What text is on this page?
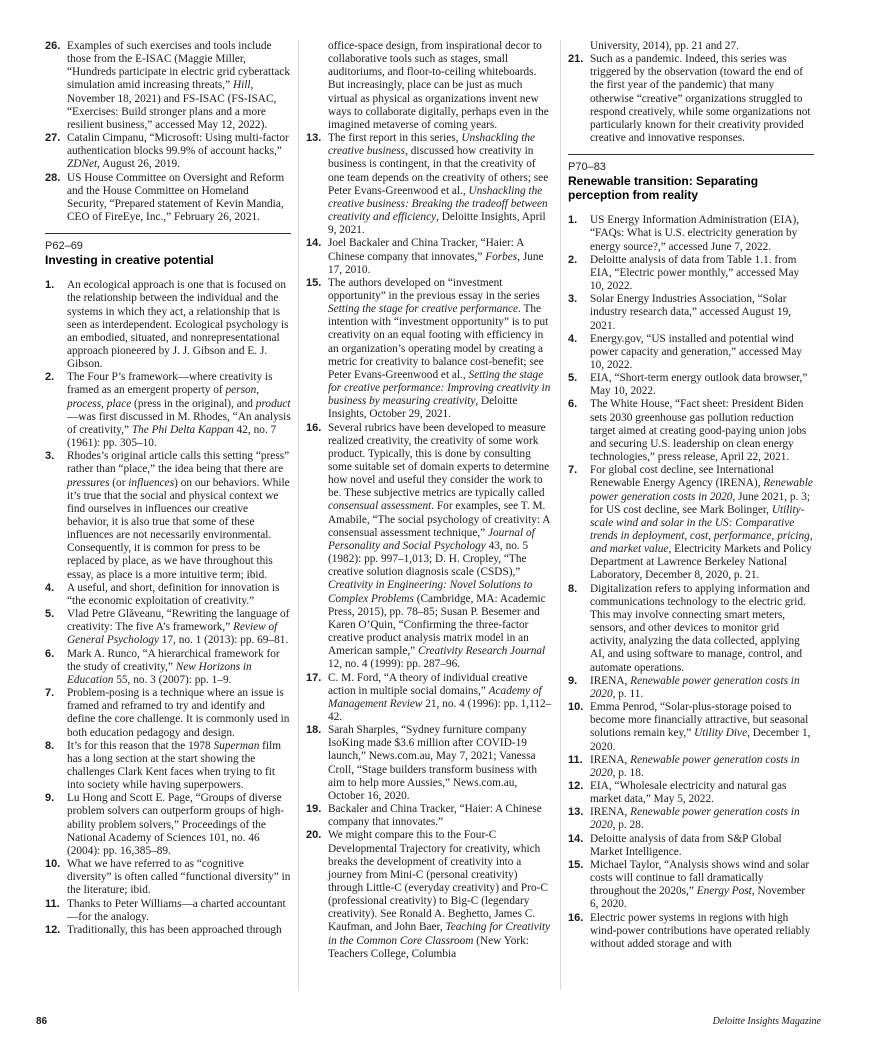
26. Examples of such exercises and tools include those from the E-ISAC (Maggie Miller, “Hundreds participate in electric grid cyberattack simulation amid increasing threats,” Hill, November 18, 2021) and FS-ISAC (FS-ISAC, “Exercises: Build stronger plans and a more resilient business,” accessed May 12, 2022).
27. Catalin Cimpanu, “Microsoft: Using multi-factor authentication blocks 99.9% of account hacks,” ZDNet, August 26, 2019.
28. US House Committee on Oversight and Reform and the House Committee on Homeland Security, “Prepared statement of Kevin Mandia, CEO of FireEye, Inc.,” February 26, 2021.
P62–69
Investing in creative potential
1. An ecological approach is one that is focused on the relationship between the individual and the systems in which they act, a relationship that is seen as interdependent. Ecological psychology is an embodied, situated, and nonrepresentational approach pioneered by J. J. Gibson and E. J. Gibson.
2. The Four P’s framework—where creativity is framed as an emergent property of person, process, place (press in the original), and product—was first discussed in M. Rhodes, “An analysis of creativity,” The Phi Delta Kappan 42, no. 7 (1961): pp. 305–10.
3. Rhodes’s original article calls this setting “press” rather than “place,” the idea being that there are pressures (or influences) on our behaviors. While it’s true that the social and physical context we find ourselves in influences our creative behavior, it is also true that some of these influences are not necessarily environmental. Consequently, it is common for press to be replaced by place, as we have throughout this essay, as place is a more intuitive term; ibid.
4. A useful, and short, definition for innovation is “the economic exploitation of creativity.”
5. Vlad Petre Glăveanu, “Rewriting the language of creativity: The five A’s framework,” Review of General Psychology 17, no. 1 (2013): pp. 69–81.
6. Mark A. Runco, “A hierarchical framework for the study of creativity,” New Horizons in Education 55, no. 3 (2007): pp. 1–9.
7. Problem-posing is a technique where an issue is framed and reframed to try and identify and define the core challenge. It is commonly used in both education pedagogy and design.
8. It’s for this reason that the 1978 Superman film has a long section at the start showing the challenges Clark Kent faces when trying to fit into society while having superpowers.
9. Lu Hong and Scott E. Page, “Groups of diverse problem solvers can outperform groups of high-ability problem solvers,” Proceedings of the National Academy of Sciences 101, no. 46 (2004): pp. 16,385–89.
10. What we have referred to as “cognitive diversity” is often called “functional diversity” in the literature; ibid.
11. Thanks to Peter Williams—a charted accountant—for the analogy.
12. Traditionally, this has been approached through
office-space design, from inspirational decor to collaborative tools such as stages, small auditoriums, and floor-to-ceiling whiteboards. But increasingly, place can be just as much virtual as physical as organizations invent new ways to collaborate digitally, perhaps even in the imagined metaverse of coming years.
13. The first report in this series, Unshackling the creative business, discussed how creativity in business is contingent, in that the creativity of one team depends on the creativity of others; see Peter Evans-Greenwood et al., Unshackling the creative business: Breaking the tradeoff between creativity and efficiency, Deloitte Insights, April 9, 2021.
14. Joel Backaler and China Tracker, “Haier: A Chinese company that innovates,” Forbes, June 17, 2010.
15. The authors developed on “investment opportunity” in the previous essay in the series Setting the stage for creative performance. The intention with “investment opportunity” is to put creativity on an equal footing with efficiency in an organization’s operating model by creating a metric for creativity to balance cost-benefit; see Peter Evans-Greenwood et al., Setting the stage for creative performance: Improving creativity in business by measuring creativity, Deloitte Insights, October 29, 2021.
16. Several rubrics have been developed to measure realized creativity, the creativity of some work product. Typically, this is done by consulting some suitable set of domain experts to determine how novel and useful they consider the work to be. These subjective metrics are typically called consensual assessment. For examples, see T. M. Amabile, “The social psychology of creativity: A consensual assessment technique,” Journal of Personality and Social Psychology 43, no. 5 (1982): pp. 997–1,013; D. H. Cropley, “The creative solution diagnosis scale (CSDS),” Creativity in Engineering: Novel Solutions to Complex Problems (Cambridge, MA: Academic Press, 2015), pp. 78–85; Susan P. Besemer and Karen O’Quin, “Confirming the three-factor creative product analysis matrix model in an American sample,” Creativity Research Journal 12, no. 4 (1999): pp. 287–96.
17. C. M. Ford, “A theory of individual creative action in multiple social domains,” Academy of Management Review 21, no. 4 (1996): pp. 1,112–42.
18. Sarah Sharples, “Sydney furniture company IsoKing made $3.6 million after COVID-19 launch,” News.com.au, May 7, 2021; Vanessa Croll, “Stage builders transform business with aim to help more Aussies,” News.com.au, October 16, 2020.
19. Backaler and China Tracker, “Haier: A Chinese company that innovates.”
20. We might compare this to the Four-C Developmental Trajectory for creativity, which breaks the development of creativity into a journey from Mini-C (personal creativity) through Little-C (everyday creativity) and Pro-C (professional creativity) to Big-C (legendary creativity). See Ronald A. Beghetto, James C. Kaufman, and John Baer, Teaching for Creativity in the Common Core Classroom (New York: Teachers College, Columbia
University, 2014), pp. 21 and 27.
21. Such as a pandemic. Indeed, this series was triggered by the observation (toward the end of the first year of the pandemic) that many otherwise “creative” organizations struggled to respond creatively, while some organizations not particularly known for their creativity provided creative and innovative responses.
P70–83
Renewable transition: Separating perception from reality
1. US Energy Information Administration (EIA), “FAQs: What is U.S. electricity generation by energy source?,” accessed June 7, 2022.
2. Deloitte analysis of data from Table 1.1. from EIA, “Electric power monthly,” accessed May 10, 2022.
3. Solar Energy Industries Association, “Solar industry research data,” accessed August 19, 2021.
4. Energy.gov, “US installed and potential wind power capacity and generation,” accessed May 10, 2022.
5. EIA, “Short-term energy outlook data browser,” May 10, 2022.
6. The White House, “Fact sheet: President Biden sets 2030 greenhouse gas pollution reduction target aimed at creating good-paying union jobs and securing U.S. leadership on clean energy technologies,” press release, April 22, 2021.
7. For global cost decline, see International Renewable Energy Agency (IRENA), Renewable power generation costs in 2020, June 2021, p. 3; for US cost decline, see Mark Bolinger, Utility-scale wind and solar in the US: Comparative trends in deployment, cost, performance, pricing, and market value, Electricity Markets and Policy Department at Lawrence Berkeley National Laboratory, December 8, 2020, p. 21.
8. Digitalization refers to applying information and communications technology to the electric grid. This may involve connecting smart meters, sensors, and other devices to monitor grid activity, analyzing the data collected, applying AI, and using software to manage, control, and automate operations.
9. IRENA, Renewable power generation costs in 2020, p. 11.
10. Emma Penrod, “Solar-plus-storage poised to become more financially attractive, but seasonal solutions remain key,” Utility Dive, December 1, 2020.
11. IRENA, Renewable power generation costs in 2020, p. 18.
12. EIA, “Wholesale electricity and natural gas market data,” May 5, 2022.
13. IRENA, Renewable power generation costs in 2020, p. 28.
14. Deloitte analysis of data from S&P Global Market Intelligence.
15. Michael Taylor, “Analysis shows wind and solar costs will continue to fall dramatically throughout the 2020s,” Energy Post, November 6, 2020.
16. Electric power systems in regions with high wind-power contributions have operated reliably without added storage and with
86	Deloitte Insights Magazine
